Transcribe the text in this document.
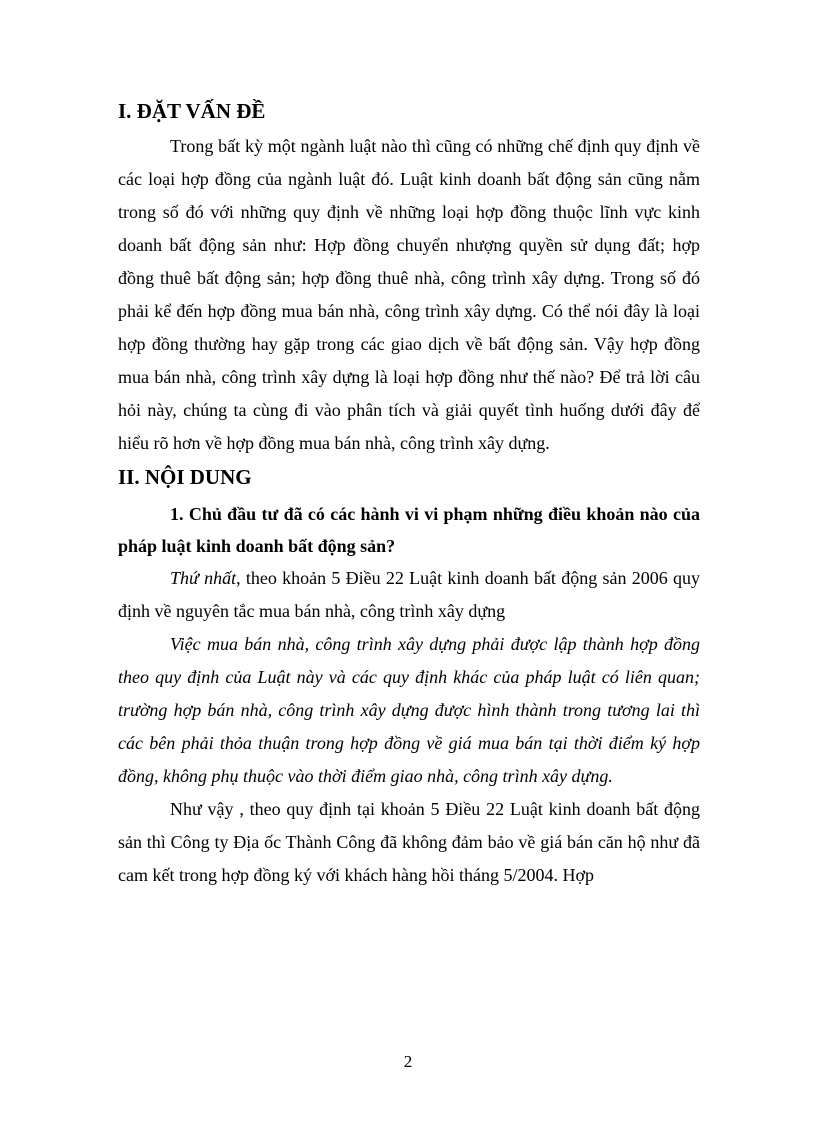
I. ĐẶT VẤN ĐỀ

Trong bất kỳ một ngành luật nào thì cũng có những chế định quy định về các loại hợp đồng của ngành luật đó. Luật kinh doanh bất động sản cũng nằm trong số đó với những quy định về những loại hợp đồng thuộc lĩnh vực kinh doanh bất động sản như: Hợp đồng chuyển nhượng quyền sử dụng đất; hợp đồng thuê bất động sản; hợp đồng thuê nhà, công trình xây dựng. Trong số đó phải kể đến hợp đồng mua bán nhà, công trình xây dựng. Có thể nói đây là loại hợp đồng thường hay gặp trong các giao dịch về bất động sản. Vậy hợp đồng mua bán nhà, công trình xây dựng là loại hợp đồng như thế nào? Để trả lời câu hỏi này, chúng ta cùng đi vào phân tích và giải quyết tình huống dưới đây để hiểu rõ hơn về hợp đồng mua bán nhà, công trình xây dựng.

II. NỘI DUNG

1. Chủ đầu tư đã có các hành vi vi phạm những điều khoản nào của pháp luật kinh doanh bất động sản?

Thứ nhất, theo khoản 5 Điều 22 Luật kinh doanh bất động sản 2006 quy định về nguyên tắc mua bán nhà, công trình xây dựng

Việc mua bán nhà, công trình xây dựng phải được lập thành hợp đồng theo quy định của Luật này và các quy định khác của pháp luật có liên quan; trường hợp bán nhà, công trình xây dựng được hình thành trong tương lai thì các bên phải thỏa thuận trong hợp đồng về giá mua bán tại thời điểm ký hợp đồng, không phụ thuộc vào thời điểm giao nhà, công trình xây dựng.

Như vậy , theo quy định tại khoản 5 Điều 22 Luật kinh doanh bất động sản thì Công ty Địa ốc Thành Công đã không đảm bảo về giá bán căn hộ như đã cam kết trong hợp đồng ký với khách hàng hồi tháng 5/2004. Hợp

2
